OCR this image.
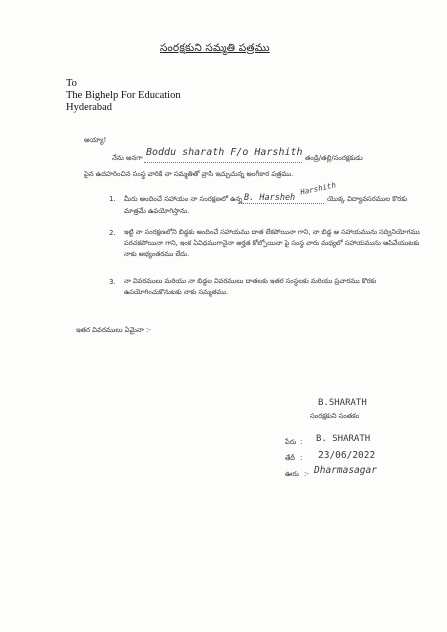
సంరక్షకుని సమ్మతి పత్రము
To
The Bighelp For Education
Hyderabad
అయ్యా!
నేను అనగా Boddu sharath F/o Harshith తండ్రి/తల్లి/సంరక్షకుడు
పైన ఉదహరించిన సంస్థ వారికి నా సమ్మతితో వ్రాసి ఇచ్చుచున్న అంగీకార పత్రము.
1. మీరు అందించే సహాయం నా సంరక్షణలో ఉన్న B. Harsheh
Harshith
యొక్క విద్యావసరముల కొరకు
మాత్రమే ఉపయోగిస్తాను.
2. ఇట్టి నా సంరక్షణలోని బిడ్డకు అందించే సహాయము దాత లేకపోయినా గాని, నా బిడ్డ ఆ సహాయమును సద్వినియోగము పరచకపోయినా గాని, ఇంక ఏవిధముగానైనా అర్హత కోల్పోయినా పై సంస్థ వారు మధ్యలో సహాయమును ఆపివేయుటకు నాకు అభ్యంతరము లేదు.
3. నా వివరములు మరియు నా బిడ్డల వివరములు దాతలకు ఇతర సంస్థలకు మరియు ప్రచారము కొరకు ఉపయోగించుకొనుటకు నాకు సమ్మతము.
ఇతర వివరములు ఏమైనా :-
B.SHARATH
సంరక్షకుని సంతకం
పేరు : B. SHARATH
తేదీ : 23/06/2022
ఊరు :- Dharmasagar
